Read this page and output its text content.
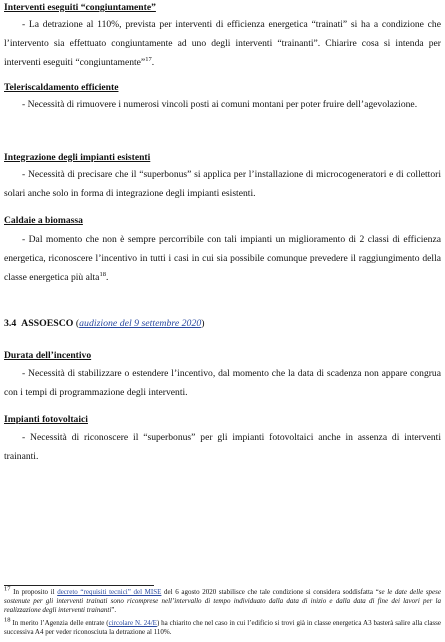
Interventi eseguiti “congiuntamente”
- La detrazione al 110%, prevista per interventi di efficienza energetica “trainati” si ha a condizione che l’intervento sia effettuato congiuntamente ad uno degli interventi “trainanti”. Chiarire cosa si intenda per interventi eseguiti “congiuntamente”$^{17}$.
Teleriscaldamento efficiente
- Necessità di rimuovere i numerosi vincoli posti ai comuni montani per poter fruire dell’agevolazione.
Integrazione degli impianti esistenti
- Necessità di precisare che il “superbonus” si applica per l’installazione di microcogeneratori e di collettori solari anche solo in forma di integrazione degli impianti esistenti.
Caldaie a biomassa
- Dal momento che non è sempre percorribile con tali impianti un miglioramento di 2 classi di efficienza energetica, riconoscere l’incentivo in tutti i casi in cui sia possibile comunque prevedere il raggiungimento della classe energetica più alta$^{18}$.
3.4 ASSOESCO (audizione del 9 settembre 2020)
Durata dell’incentivo
- Necessità di stabilizzare o estendere l’incentivo, dal momento che la data di scadenza non appare congrua con i tempi di programmazione degli interventi.
Impianti fotovoltaici
- Necessità di riconoscere il “superbonus” per gli impianti fotovoltaici anche in assenza di interventi trainanti.
$^{17}$ In proposito il decreto “requisiti tecnici” del MISE del 6 agosto 2020 stabilisce che tale condizione si considera soddisfatta “se le date delle spese sostenute per gli interventi trainati sono ricomprese nell’intervallo di tempo individuato dalla data di inizio e dalla data di fine dei lavori per la realizzazione degli interventi trainanti”.
$^{18}$ In merito l’Agenzia delle entrate (circolare N. 24/E) ha chiarito che nel caso in cui l’edificio si trovi già in classe energetica A3 basterà salire alla classe successiva A4 per veder riconosciuta la detrazione al 110%.
